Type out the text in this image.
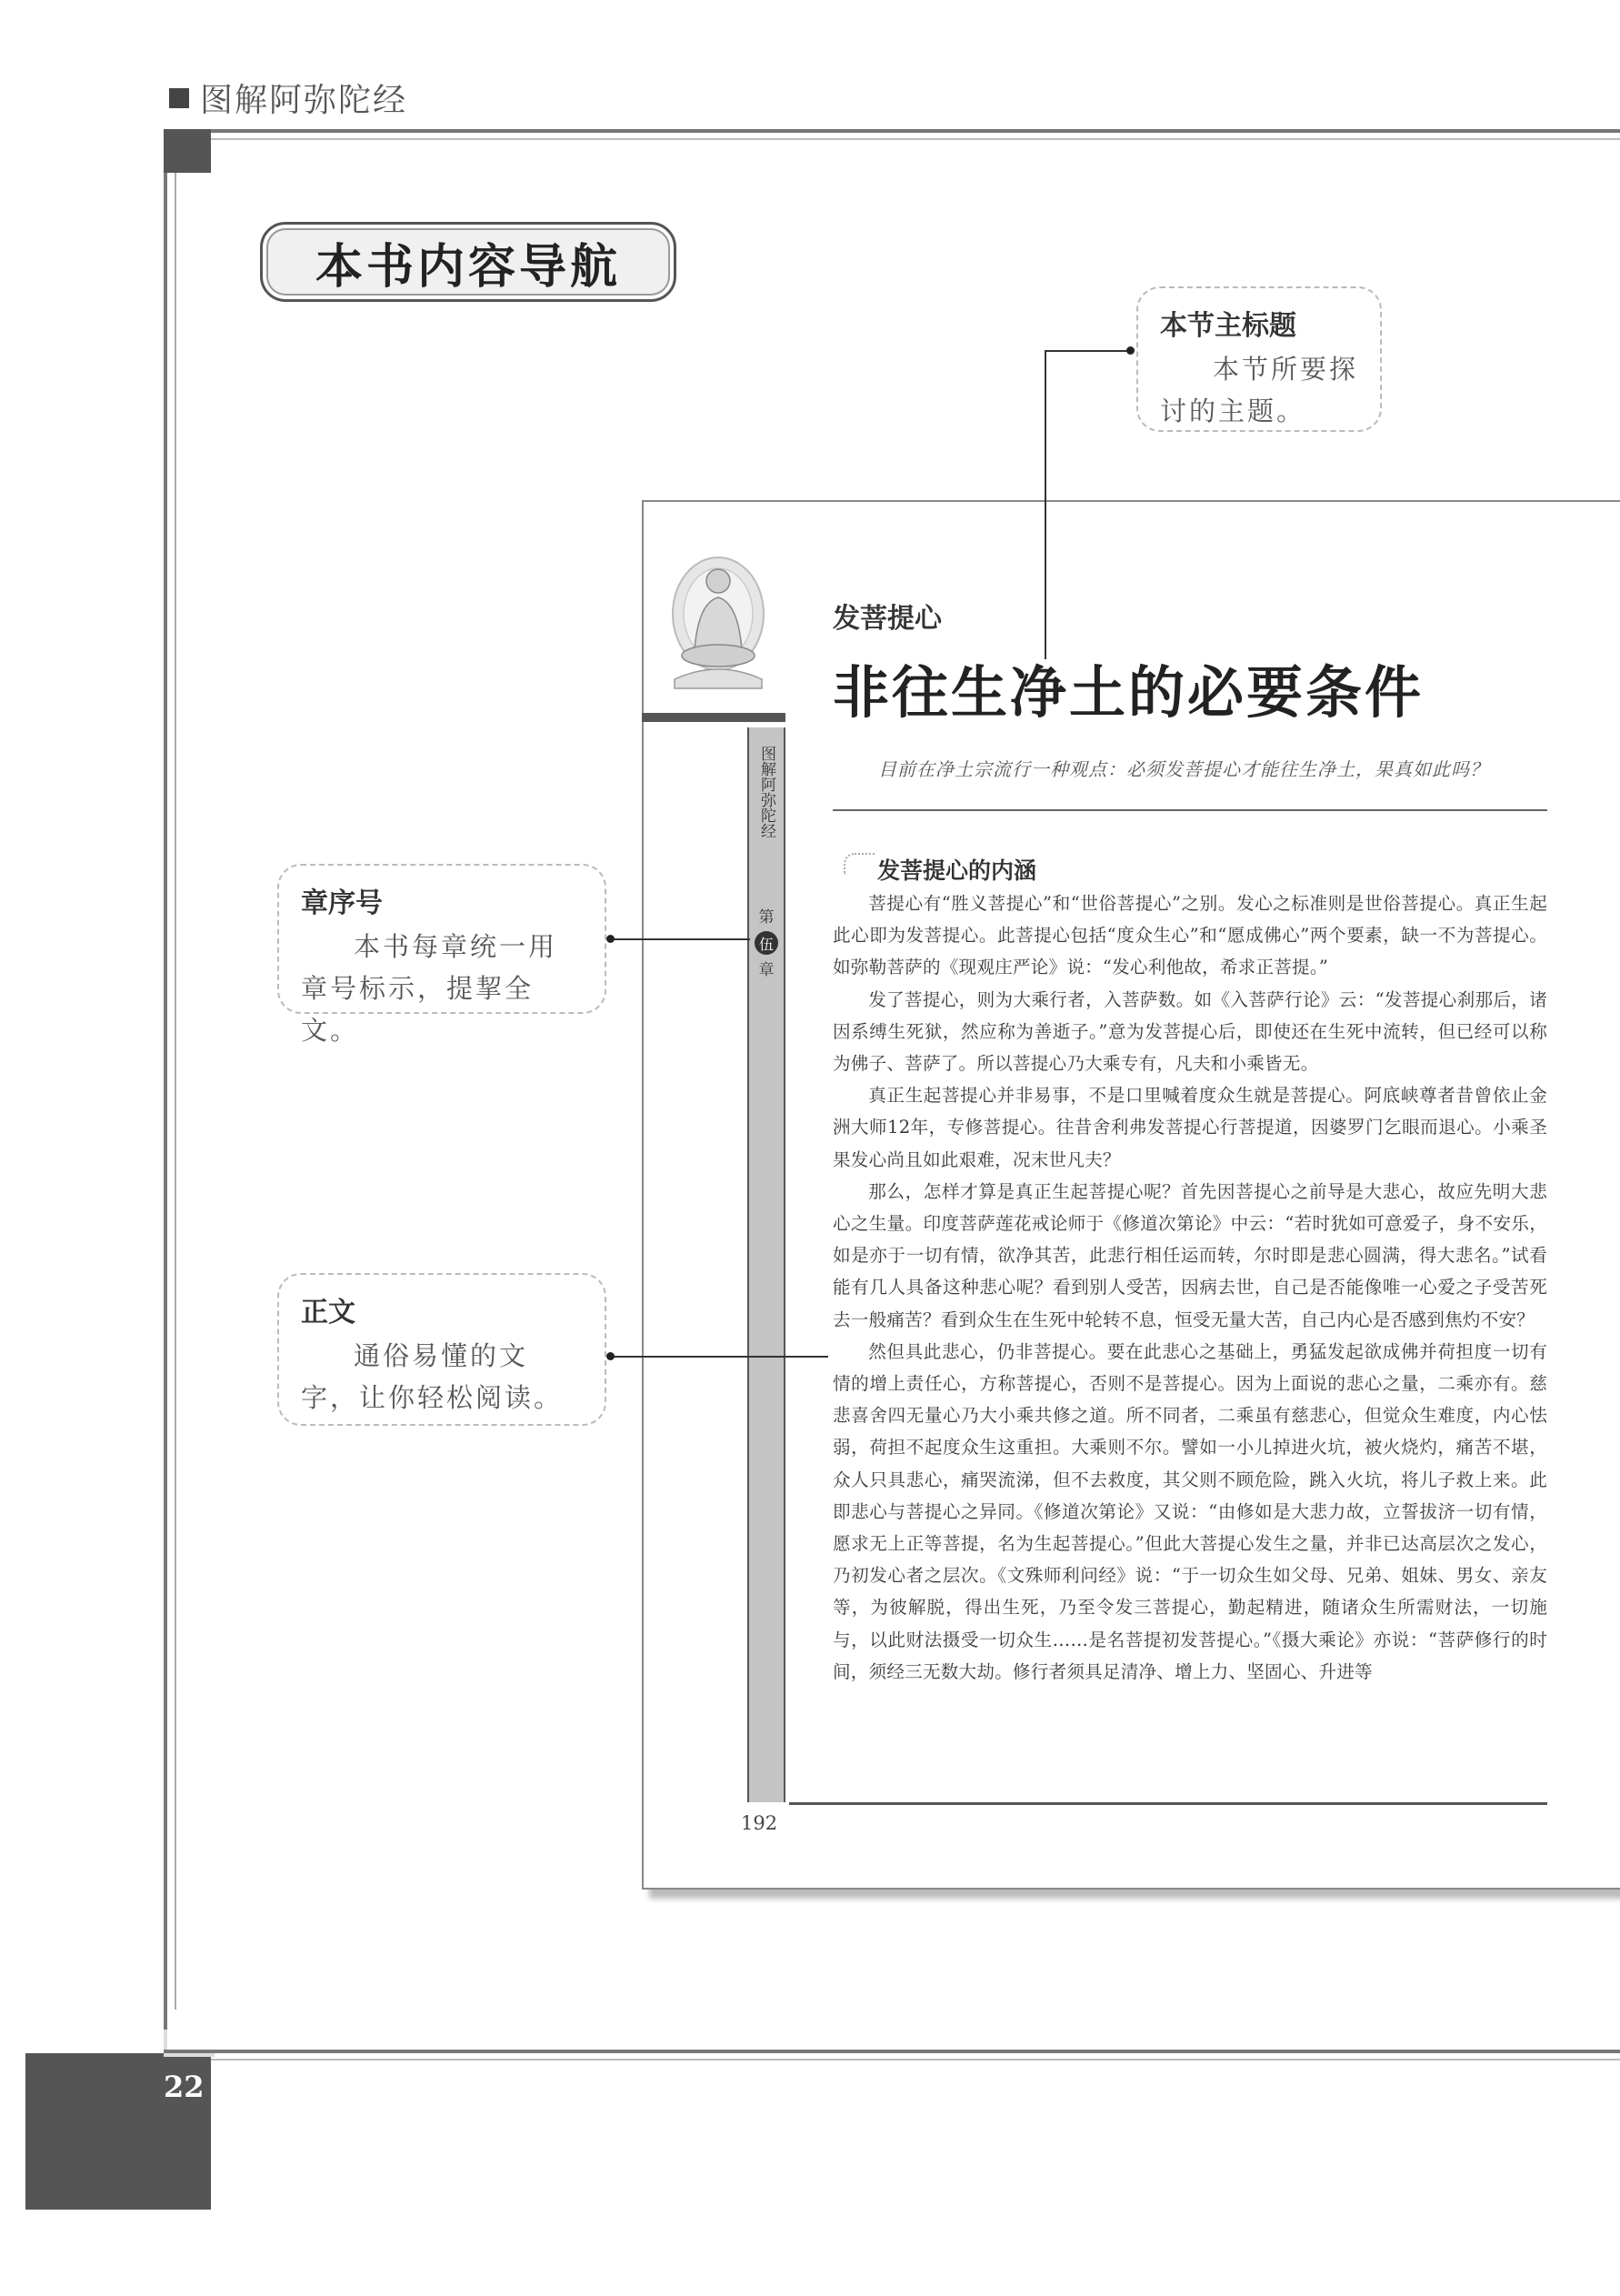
图解阿弥陀经
22
本书内容导航
本节主标题
本节所要探讨的主题。
章序号
本书每章统一用章号标示，提挈全文。
正文
通俗易懂的文字，让你轻松阅读。
发菩提心
非往生净土的必要条件
目前在净土宗流行一种观点：必须发菩提心才能往生净土，果真如此吗？
图解阿弥陀经
第
伍
章
发菩提心的内涵

菩提心有“胜义菩提心”和“世俗菩提心”之别。发心之标准则是世俗菩提心。真正生起此心即为发菩提心。此菩提心包括“度众生心”和“愿成佛心”两个要素，缺一不为菩提心。如弥勒菩萨的《现观庄严论》说：“发心利他故，希求正菩提。”

发了菩提心，则为大乘行者，入菩萨数。如《入菩萨行论》云：“发菩提心刹那后，诸因系缚生死狱，然应称为善逝子。”意为发菩提心后，即使还在生死中流转，但已经可以称为佛子、菩萨了。所以菩提心乃大乘专有，凡夫和小乘皆无。

真正生起菩提心并非易事，不是口里喊着度众生就是菩提心。阿底峡尊者昔曾依止金洲大师12年，专修菩提心。往昔舍利弗发菩提心行菩提道，因婆罗门乞眼而退心。小乘圣果发心尚且如此艰难，况末世凡夫？

那么，怎样才算是真正生起菩提心呢？首先因菩提心之前导是大悲心，故应先明大悲心之生量。印度菩萨莲花戒论师于《修道次第论》中云：“若时犹如可意爱子，身不安乐，如是亦于一切有情，欲净其苦，此悲行相任运而转，尔时即是悲心圆满，得大悲名。”试看能有几人具备这种悲心呢？看到别人受苦，因病去世，自己是否能像唯一心爱之子受苦死去一般痛苦？看到众生在生死中轮转不息，恒受无量大苦，自己内心是否感到焦灼不安？

然但具此悲心，仍非菩提心。要在此悲心之基础上，勇猛发起欲成佛并荷担度一切有情的增上责任心，方称菩提心，否则不是菩提心。因为上面说的悲心之量，二乘亦有。慈悲喜舍四无量心乃大小乘共修之道。所不同者，二乘虽有慈悲心，但觉众生难度，内心怯弱，荷担不起度众生这重担。大乘则不尔。譬如一小儿掉进火坑，被火烧灼，痛苦不堪，众人只具悲心，痛哭流涕，但不去救度，其父则不顾危险，跳入火坑，将儿子救上来。此即悲心与菩提心之异同。《修道次第论》又说：“由修如是大悲力故，立誓拔济一切有情，愿求无上正等菩提，名为生起菩提心。”但此大菩提心发生之量，并非已达高层次之发心，乃初发心者之层次。《文殊师利问经》说：“于一切众生如父母、兄弟、姐妹、男女、亲友等，为彼解脱，得出生死，乃至令发三菩提心，勤起精进，随诸众生所需财法，一切施与，以此财法摄受一切众生……是名菩提初发菩提心。”《摄大乘论》亦说：“菩萨修行的时间，须经三无数大劫。修行者须具足清净、增上力、坚固心、升进等

192
